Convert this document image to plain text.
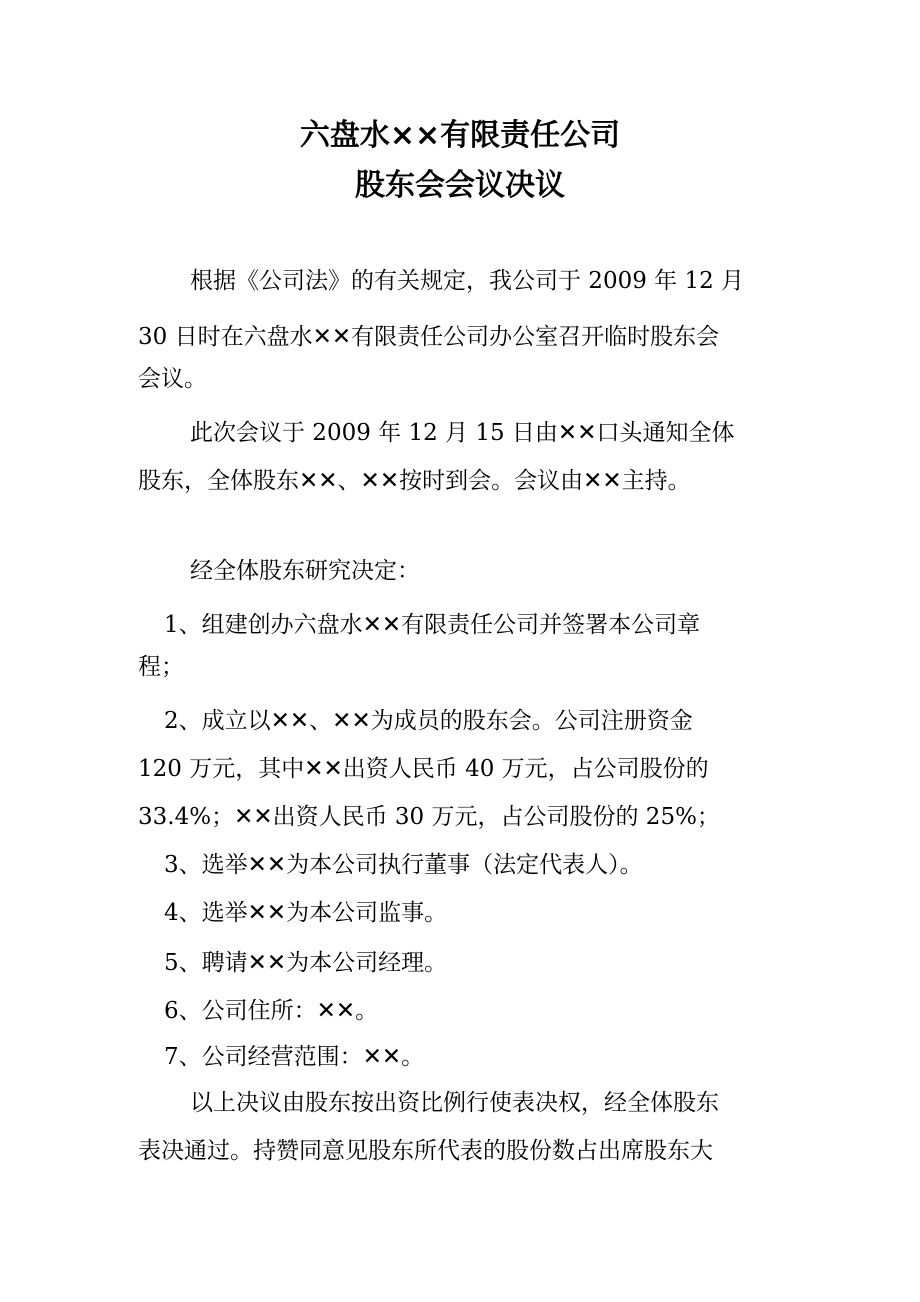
六盘水××有限责任公司
股东会会议决议
根据《公司法》的有关规定，我公司于 2009 年 12 月
30 日时在六盘水✕✕有限责任公司办公室召开临时股东会
会议。
此次会议于 2009 年 12 月 15 日由✕✕口头通知全体
股东，全体股东✕✕、✕✕按时到会。会议由✕✕主持。
经全体股东研究决定：
1、组建创办六盘水✕✕有限责任公司并签署本公司章
程；
2、成立以✕✕、✕✕为成员的股东会。公司注册资金
120 万元，其中✕✕出资人民币 40 万元，占公司股份的
33.4%；✕✕出资人民币 30 万元，占公司股份的 25%；
3、选举✕✕为本公司执行董事（法定代表人）。
4、选举✕✕为本公司监事。
5、聘请✕✕为本公司经理。
6、公司住所：✕✕。
7、公司经营范围：✕✕。
以上决议由股东按出资比例行使表决权，经全体股东
表决通过。持赞同意见股东所代表的股份数占出席股东大
